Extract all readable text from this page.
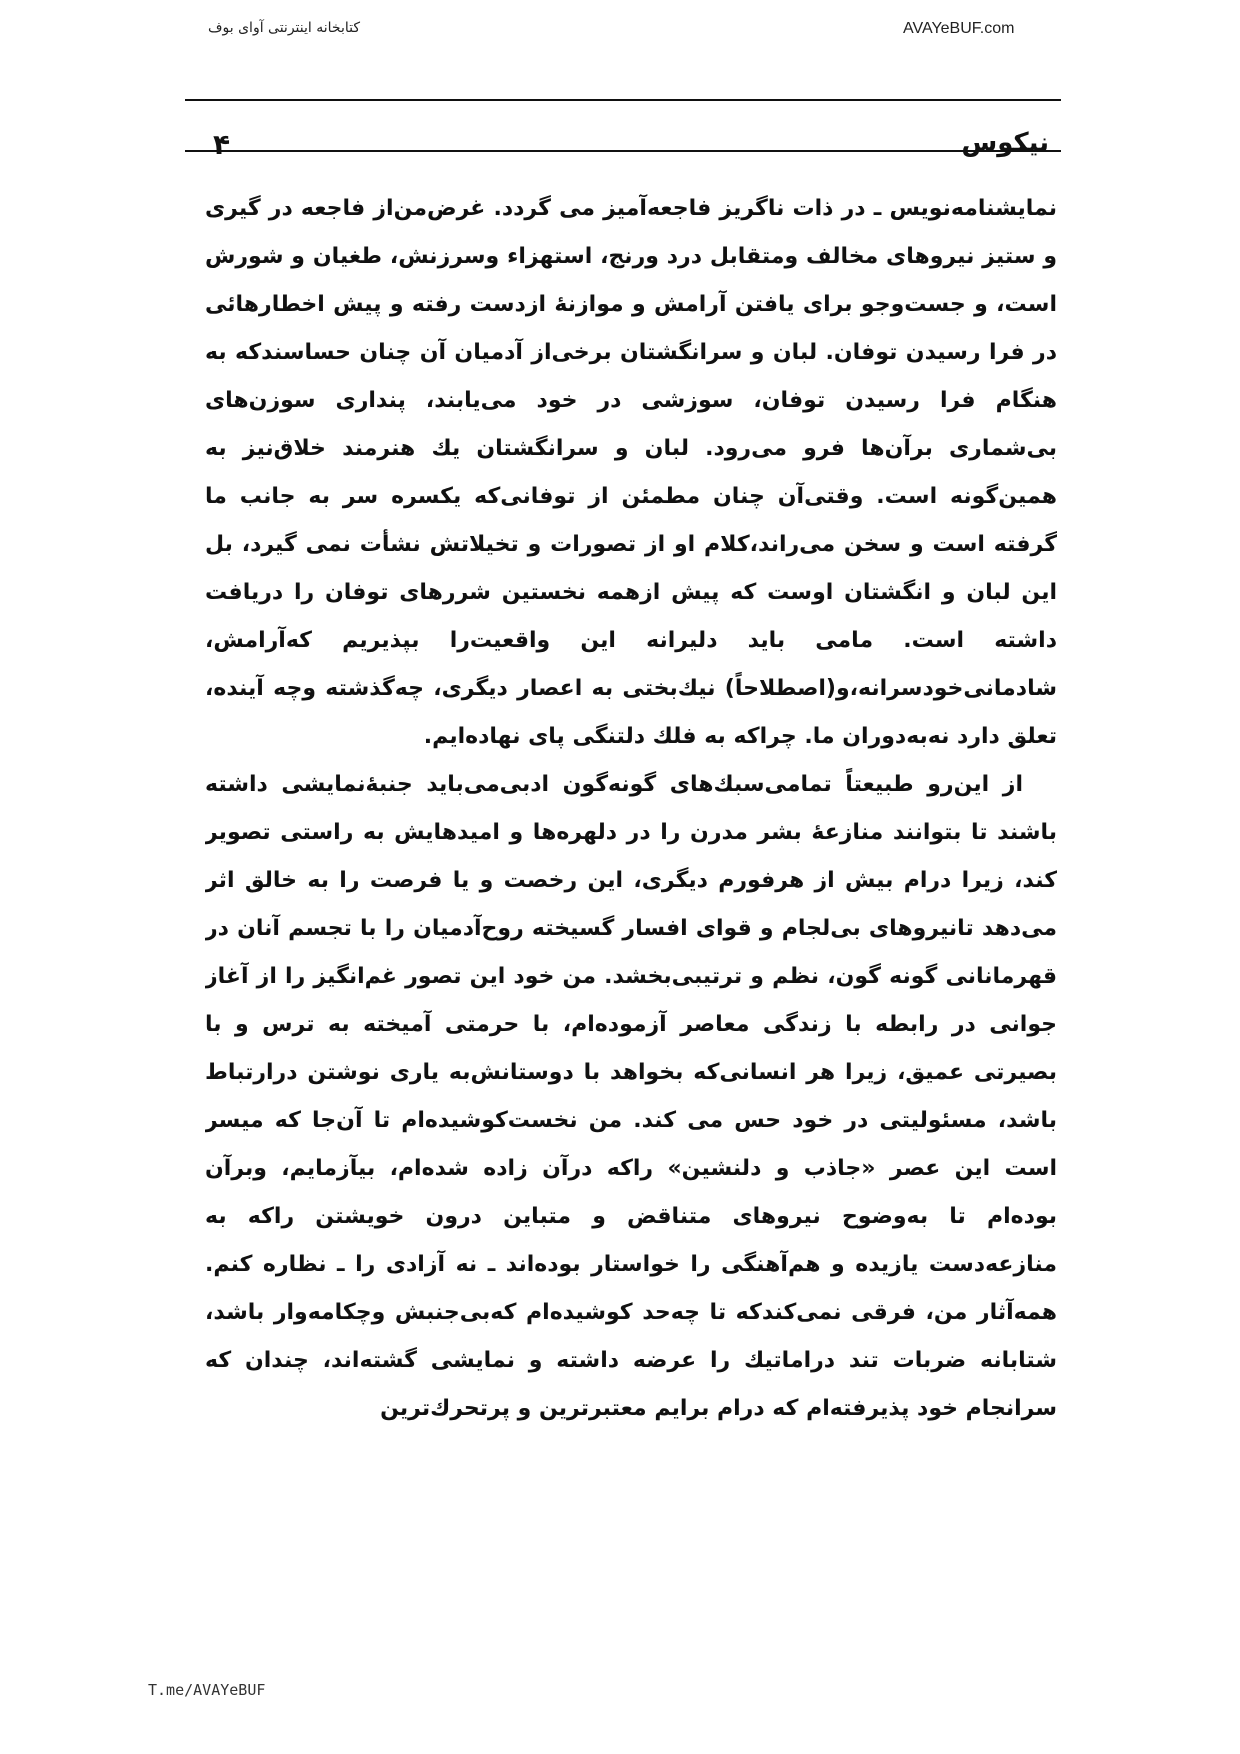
کتابخانه اینترنتی آوای بوف	AVAYeBUF.com
نیکوس
۴

نمایشنامه‌نویس ـ در ذات ناگریز فاجعه‌آمیز می گردد. غرض‌من‌از فاجعه در گیری و ستیز نیروهای مخالف ومتقابل درد ورنج، استهزاء وسرزنش، طغیان و شورش است، و جست‌وجو برای یافتن آرامش و موازنهٔ ازدست رفته و پیش اخطارهائی در فرا رسیدن توفان. لبان و سرانگشتان برخی‌از آدمیان آن چنان حساسندکه به هنگام فرا رسیدن توفان، سوزشی در خود می‌یابند، پنداری سوزن‌های بی‌شماری برآن‌ها فرو می‌رود. لبان و سرانگشتان یك هنرمند خلاق‌نیز به همین‌گونه است. وقتی‌آن چنان مطمئن از توفانی‌که یکسره سر به جانب ما گرفته است و سخن می‌راند،کلام او از تصورات و تخیلاتش نشأت نمی گیرد، بل این لبان و انگشتان اوست که پیش ازهمه نخستین شررهای توفان را دریافت داشته است. مامی باید دلیرانه این واقعیت‌را بپذیریم که‌آرامش، شادمانی‌خودسرانه،و(اصطلاحاً) نیك‌بختی به اعصار دیگری، چه‌گذشته وچه آینده، تعلق دارد نه‌به‌دوران ما. چراکه به فلك دلتنگی پای نهاده‌ایم.

از این‌رو طبیعتاً تمامی‌سبك‌های گونه‌گون ادبی‌می‌باید جنبهٔ‌نمایشی داشته باشند تا بتوانند منازعهٔ بشر مدرن را در دلهره‌ها و امیدهایش به راستی تصویر کند، زیرا درام بیش از هرفورم دیگری، این رخصت و یا فرصت را به خالق اثر می‌دهد تانیروهای بی‌لجام و قوای افسار گسیخته روح‌آدمیان را با تجسم آنان در قهرمانانی گونه گون، نظم و ترتیبی‌بخشد. من خود این تصور غم‌انگیز را از آغاز جوانی در رابطه با زندگی معاصر آزموده‌ام، با حرمتی آمیخته به ترس و با بصیرتی عمیق، زیرا هر انسانی‌که بخواهد با دوستانش‌به یاری نوشتن درارتباط باشد، مسئولیتی در خود حس می کند. من نخست‌کوشیده‌ام تا آن‌جا که میسر است این عصر «جاذب و دلنشین» راکه درآن زاده شده‌ام، بیآزمایم، وبرآن بوده‌ام تا به‌وضوح نیروهای متناقض و متباین درون خویشتن راکه به منازعه‌دست یازیده و هم‌آهنگی را خواستار بوده‌اند ـ نه آزادی را ـ نظاره کنم. همه‌آثار من، فرقی نمی‌کندکه تا چه‌حد کوشیده‌ام که‌بی‌جنبش وچکامه‌وار باشد، شتابانه ضربات تند دراماتیك را عرضه داشته و نمایشی گشته‌اند، چندان که سرانجام خود پذیرفته‌ام که درام برایم معتبرترین و پرتحرك‌ترین

T.me/AVAYeBUF
